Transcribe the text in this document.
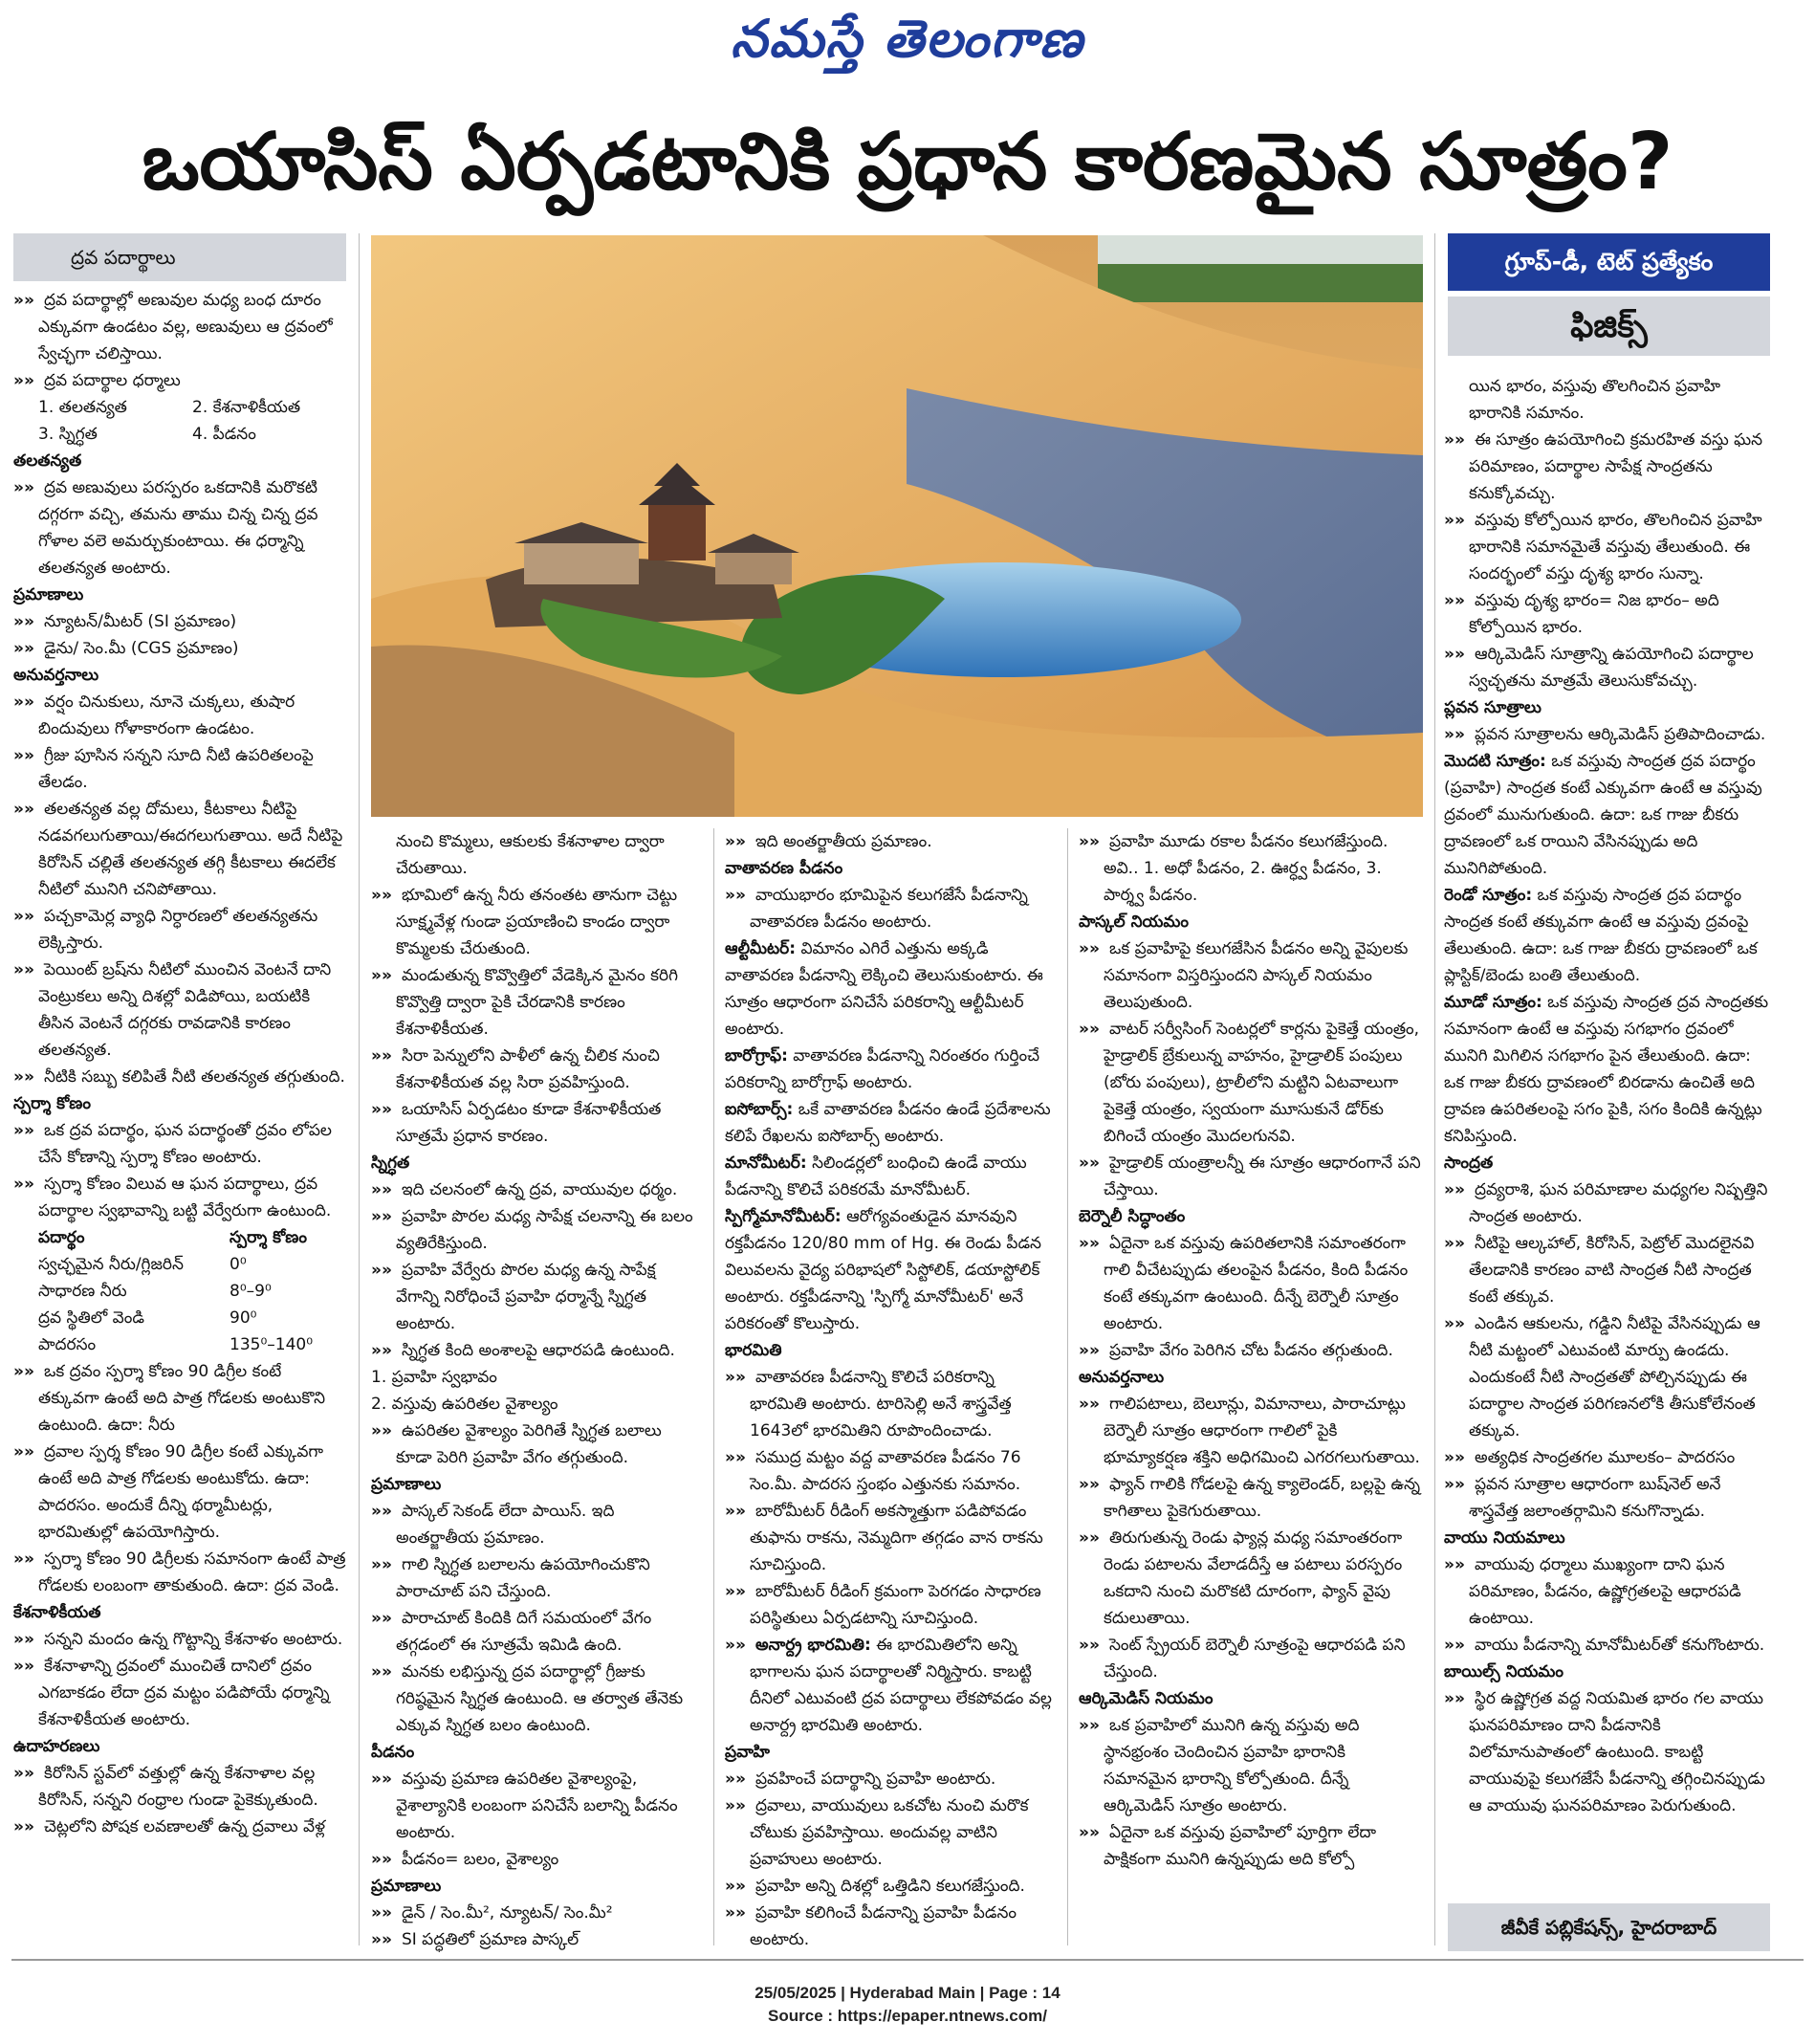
నమస్తే తెలంగాణ
ఒయాసిస్ ఏర్పడటానికి ప్రధాన కారణమైన సూత్రం?
ద్రవ పదార్థాలు

»» ద్రవ పదార్థాల్లో అణువుల మధ్య బంధ దూరం ఎక్కువగా ఉండటం వల్ల, అణువులు ఆ ద్రవంలో స్వేచ్ఛగా చలిస్తాయి.

»» ద్రవ పదార్థాల ధర్మాలు

1. తలతన్యత	2. కేశనాళికీయత
3. స్నిగ్ధత	4. పీడనం

తలతన్యత

»» ద్రవ అణువులు పరస్పరం ఒకదానికి మరొకటి దగ్గరగా వచ్చి, తమను తాము చిన్న చిన్న ద్రవ గోళాల వలె అమర్చుకుంటాయి. ఈ ధర్మాన్ని తలతన్యత అంటారు.

ప్రమాణాలు

»» న్యూటన్/మీటర్ (SI ప్రమాణం)

»» డైను/ సెం.మీ (CGS ప్రమాణం)

అనువర్తనాలు

»» వర్షం చినుకులు, నూనె చుక్కలు, తుషార బిందువులు గోళాకారంగా ఉండటం.

»» గ్రీజు పూసిన సన్నని సూది నీటి ఉపరితలంపై తేలడం.

»» తలతన్యత వల్ల దోమలు, కీటకాలు నీటిపై నడవగలుగుతాయి/ఈదగలుగుతాయి. అదే నీటిపై కిరోసిన్ చల్లితే తలతన్యత తగ్గి కీటకాలు ఈదలేక నీటిలో మునిగి చనిపోతాయి.

»» పచ్చకామెర్ల వ్యాధి నిర్ధారణలో తలతన్యతను లెక్కిస్తారు.

»» పెయింట్ బ్రష్‌ను నీటిలో ముంచిన వెంటనే దాని వెంట్రుకలు అన్ని దిశల్లో విడిపోయి, బయటికి తీసిన వెంటనే దగ్గరకు రావడానికి కారణం తలతన్యత.

»» నీటికి సబ్బు కలిపితే నీటి తలతన్యత తగ్గుతుంది.

స్పర్శా కోణం

»» ఒక ద్రవ పదార్థం, ఘన పదార్థంతో ద్రవం లోపల చేసే కోణాన్ని స్పర్శా కోణం అంటారు.

»» స్పర్శా కోణం విలువ ఆ ఘన పదార్థాలు, ద్రవ పదార్థాల స్వభావాన్ని బట్టి వేర్వేరుగా ఉంటుంది.

పదార్థం	స్పర్శా కోణం
స్వచ్ఛమైన నీరు/గ్లిజరిన్	0⁰
సాధారణ నీరు	8⁰–9⁰
ద్రవ స్థితిలో వెండి	90⁰
పాదరసం	135⁰–140⁰

»» ఒక ద్రవం స్పర్శా కోణం 90 డిగ్రీల కంటే తక్కువగా ఉంటే అది పాత్ర గోడలకు అంటుకొని ఉంటుంది. ఉదా: నీరు

»» ద్రవాల స్పర్శ కోణం 90 డిగ్రీల కంటే ఎక్కువగా ఉంటే అది పాత్ర గోడలకు అంటుకోదు. ఉదా: పాదరసం. అందుకే దీన్ని థర్మామీటర్లు, భారమితుల్లో ఉపయోగిస్తారు.

»» స్పర్శా కోణం 90 డిగ్రీలకు సమానంగా ఉంటే పాత్ర గోడలకు లంబంగా తాకుతుంది. ఉదా: ద్రవ వెండి.

కేశనాళికీయత

»» సన్నని మందం ఉన్న గొట్టాన్ని కేశనాళం అంటారు.

»» కేశనాళాన్ని ద్రవంలో ముంచితే దానిలో ద్రవం ఎగబాకడం లేదా ద్రవ మట్టం పడిపోయే ధర్మాన్ని కేశనాళికీయత అంటారు.

ఉదాహరణలు

»» కిరోసిన్ స్టవ్‌లో వత్తుల్లో ఉన్న కేశనాళాల వల్ల కిరోసిన్, సన్నని రంధ్రాల గుండా పైకెక్కుతుంది.

»» చెట్లలోని పోషక లవణాలతో ఉన్న ద్రవాలు వేళ్ల

నుంచి కొమ్మలు, ఆకులకు కేశనాళాల ద్వారా చేరుతాయి.

»» భూమిలో ఉన్న నీరు తనంతట తానుగా చెట్టు సూక్ష్మవేళ్ల గుండా ప్రయాణించి కాండం ద్వారా కొమ్మలకు చేరుతుంది.

»» మండుతున్న కొవ్వొత్తిలో వేడెక్కిన మైనం కరిగి కొవ్వొత్తి ద్వారా పైకి చేరడానికి కారణం కేశనాళికీయత.

»» సిరా పెన్నులోని పాళీలో ఉన్న చీలిక నుంచి కేశనాళికీయత వల్ల సిరా ప్రవహిస్తుంది.

»» ఒయాసిస్ ఏర్పడటం కూడా కేశనాళికీయత సూత్రమే ప్రధాన కారణం.

స్నిగ్ధత

»» ఇది చలనంలో ఉన్న ద్రవ, వాయువుల ధర్మం.

»» ప్రవాహి పొరల మధ్య సాపేక్ష చలనాన్ని ఈ బలం వ్యతిరేకిస్తుంది.

»» ప్రవాహి వేర్వేరు పొరల మధ్య ఉన్న సాపేక్ష వేగాన్ని నిరోధించే ప్రవాహి ధర్మాన్నే స్నిగ్ధత అంటారు.

»» స్నిగ్ధత కింది అంశాలపై ఆధారపడి ఉంటుంది.

1. ప్రవాహి స్వభావం

2. వస్తువు ఉపరితల వైశాల్యం

»» ఉపరితల వైశాల్యం పెరిగితే స్నిగ్ధత బలాలు కూడా పెరిగి ప్రవాహి వేగం తగ్గుతుంది.

ప్రమాణాలు

»» పాస్కల్ సెకండ్ లేదా పాయిస్. ఇది అంతర్జాతీయ ప్రమాణం.

»» గాలి స్నిగ్ధత బలాలను ఉపయోగించుకొని పారాచూట్ పని చేస్తుంది.

»» పారాచూట్ కిందికి దిగే సమయంలో వేగం తగ్గడంలో ఈ సూత్రమే ఇమిడి ఉంది.

»» మనకు లభిస్తున్న ద్రవ పదార్థాల్లో గ్రీజుకు గరిష్ఠమైన స్నిగ్ధత ఉంటుంది. ఆ తర్వాత తేనెకు ఎక్కువ స్నిగ్ధత బలం ఉంటుంది.

పీడనం

»» వస్తువు ప్రమాణ ఉపరితల వైశాల్యంపై, వైశాల్యానికి లంబంగా పనిచేసే బలాన్ని పీడనం అంటారు.

»» పీడనం= బలం, వైశాల్యం

ప్రమాణాలు

»» డైన్ / సెం.మీ², న్యూటన్/ సెం.మీ²

»» SI పద్ధతిలో ప్రమాణ పాస్కల్

»» ఇది అంతర్జాతీయ ప్రమాణం.

వాతావరణ పీడనం

»» వాయుభారం భూమిపైన కలుగజేసే పీడనాన్ని వాతావరణ పీడనం అంటారు.

ఆల్టీమీటర్: విమానం ఎగిరే ఎత్తును అక్కడి వాతావరణ పీడనాన్ని లెక్కించి తెలుసుకుంటారు. ఈ సూత్రం ఆధారంగా పనిచేసే పరికరాన్ని ఆల్టీమీటర్ అంటారు.

బారోగ్రాఫ్: వాతావరణ పీడనాన్ని నిరంతరం గుర్తించే పరికరాన్ని బారోగ్రాఫ్ అంటారు.

ఐసోబార్స్: ఒకే వాతావరణ పీడనం ఉండే ప్రదేశాలను కలిపే రేఖలను ఐసోబార్స్ అంటారు.

మానోమీటర్: సిలిండర్లలో బంధించి ఉండే వాయు పీడనాన్ని కొలిచే పరికరమే మానోమీటర్.

స్పిగ్మోమానోమీటర్: ఆరోగ్యవంతుడైన మానవుని రక్తపీడనం 120/80 mm of Hg. ఈ రెండు పీడన విలువలను వైద్య పరిభాషలో సిస్టోలిక్, డయాస్టోలిక్ అంటారు. రక్తపీడనాన్ని 'స్పిగ్మో మానోమీటర్' అనే పరికరంతో కొలుస్తారు.

భారమితి

»» వాతావరణ పీడనాన్ని కొలిచే పరికరాన్ని భారమితి అంటారు. టారిసెల్లి అనే శాస్త్రవేత్త 1643లో భారమితిని రూపొందించాడు.

»» సముద్ర మట్టం వద్ద వాతావరణ పీడనం 76 సెం.మీ. పాదరస స్తంభం ఎత్తునకు సమానం.

»» బారోమీటర్ రీడింగ్ అకస్మాత్తుగా పడిపోవడం తుఫాను రాకను, నెమ్మదిగా తగ్గడం వాన రాకను సూచిస్తుంది.

»» బారోమీటర్ రీడింగ్ క్రమంగా పెరగడం సాధారణ పరిస్థితులు ఏర్పడటాన్ని సూచిస్తుంది.

»» అనార్ద్ర భారమితి: ఈ భారమితిలోని అన్ని భాగాలను ఘన పదార్థాలతో నిర్మిస్తారు. కాబట్టి దీనిలో ఎటువంటి ద్రవ పదార్థాలు లేకపోవడం వల్ల అనార్ద్ర భారమితి అంటారు.

ప్రవాహి

»» ప్రవహించే పదార్థాన్ని ప్రవాహి అంటారు.

»» ద్రవాలు, వాయువులు ఒకచోట నుంచి మరొక చోటుకు ప్రవహిస్తాయి. అందువల్ల వాటిని ప్రవాహులు అంటారు.

»» ప్రవాహి అన్ని దిశల్లో ఒత్తిడిని కలుగజేస్తుంది.

»» ప్రవాహి కలిగించే పీడనాన్ని ప్రవాహి పీడనం అంటారు.

»» ప్రవాహి మూడు రకాల పీడనం కలుగజేస్తుంది. అవి.. 1. అధో పీడనం, 2. ఊర్ధ్వ పీడనం, 3. పార్శ్వ పీడనం.

పాస్కల్ నియమం

»» ఒక ప్రవాహిపై కలుగజేసిన పీడనం అన్ని వైపులకు సమానంగా విస్తరిస్తుందని పాస్కల్ నియమం తెలుపుతుంది.

»» వాటర్ సర్వీసింగ్ సెంటర్లలో కార్లను పైకెత్తే యంత్రం, హైడ్రాలిక్ బ్రేకులున్న వాహనం, హైడ్రాలిక్ పంపులు (బోరు పంపులు), ట్రాలీలోని మట్టిని ఏటవాలుగా పైకెత్తే యంత్రం, స్వయంగా మూసుకునే డోర్‌కు బిగించే యంత్రం మొదలగునవి.

»» హైడ్రాలిక్ యంత్రాలన్నీ ఈ సూత్రం ఆధారంగానే పని చేస్తాయి.

బెర్నౌలీ సిద్ధాంతం

»» ఏదైనా ఒక వస్తువు ఉపరితలానికి సమాంతరంగా గాలి వీచేటప్పుడు తలంపైన పీడనం, కింది పీడనం కంటే తక్కువగా ఉంటుంది. దీన్నే బెర్నౌలీ సూత్రం అంటారు.

»» ప్రవాహి వేగం పెరిగిన చోట పీడనం తగ్గుతుంది.

అనువర్తనాలు

»» గాలిపటాలు, బెలూన్లు, విమానాలు, పారాచూట్లు బెర్నౌలీ సూత్రం ఆధారంగా గాలిలో పైకి భూమ్యాకర్షణ శక్తిని అధిగమించి ఎగరగలుగుతాయి.

»» ఫ్యాన్ గాలికి గోడలపై ఉన్న క్యాలెండర్, బల్లపై ఉన్న కాగితాలు పైకెగురుతాయి.

»» తిరుగుతున్న రెండు ఫ్యాన్ల మధ్య సమాంతరంగా రెండు పటాలను వేలాడదీస్తే ఆ పటాలు పరస్పరం ఒకదాని నుంచి మరొకటి దూరంగా, ఫ్యాన్ వైపు కదులుతాయి.

»» సెంట్ స్ప్రేయర్ బెర్నౌలీ సూత్రంపై ఆధారపడి పని చేస్తుంది.

ఆర్కిమెడిస్ నియమం

»» ఒక ప్రవాహిలో మునిగి ఉన్న వస్తువు అది స్థానభ్రంశం చెందించిన ప్రవాహి భారానికి సమానమైన భారాన్ని కోల్పోతుంది. దీన్నే ఆర్కిమెడిస్ సూత్రం అంటారు.

»» ఏదైనా ఒక వస్తువు ప్రవాహిలో పూర్తిగా లేదా పాక్షికంగా మునిగి ఉన్నప్పుడు అది కోల్పో

గ్రూప్-డీ, టెట్ ప్రత్యేకం
ఫిజిక్స్

యిన భారం, వస్తువు తొలగించిన ప్రవాహి భారానికి సమానం.

»» ఈ సూత్రం ఉపయోగించి క్రమరహిత వస్తు ఘన పరిమాణం, పదార్థాల సాపేక్ష సాంద్రతను కనుక్కోవచ్చు.

»» వస్తువు కోల్పోయిన భారం, తొలగించిన ప్రవాహి భారానికి సమానమైతే వస్తువు తేలుతుంది. ఈ సందర్భంలో వస్తు దృశ్య భారం సున్నా.

»» వస్తువు దృశ్య భారం= నిజ భారం– అది కోల్పోయిన భారం.

»» ఆర్కిమెడిస్ సూత్రాన్ని ఉపయోగించి పదార్థాల స్వచ్ఛతను మాత్రమే తెలుసుకోవచ్చు.

ప్లవన సూత్రాలు

»» ప్లవన సూత్రాలను ఆర్కిమెడిస్ ప్రతిపాదించాడు.

మొదటి సూత్రం: ఒక వస్తువు సాంద్రత ద్రవ పదార్థం (ప్రవాహి) సాంద్రత కంటే ఎక్కువగా ఉంటే ఆ వస్తువు ద్రవంలో మునుగుతుంది. ఉదా: ఒక గాజు బీకరు ద్రావణంలో ఒక రాయిని వేసినప్పుడు అది మునిగిపోతుంది.

రెండో సూత్రం: ఒక వస్తువు సాంద్రత ద్రవ పదార్థం సాంద్రత కంటే తక్కువగా ఉంటే ఆ వస్తువు ద్రవంపై తేలుతుంది. ఉదా: ఒక గాజు బీకరు ద్రావణంలో ఒక ప్లాస్టిక్/బెండు బంతి తేలుతుంది.

మూడో సూత్రం: ఒక వస్తువు సాంద్రత ద్రవ సాంద్రతకు సమానంగా ఉంటే ఆ వస్తువు సగభాగం ద్రవంలో మునిగి మిగిలిన సగభాగం పైన తేలుతుంది. ఉదా: ఒక గాజు బీకరు ద్రావణంలో బిరడాను ఉంచితే అది ద్రావణ ఉపరితలంపై సగం పైకి, సగం కిందికి ఉన్నట్లు కనిపిస్తుంది.

సాంద్రత

»» ద్రవ్యరాశి, ఘన పరిమాణాల మధ్యగల నిష్పత్తిని సాంద్రత అంటారు.

»» నీటిపై ఆల్కహాల్, కిరోసిన్, పెట్రోల్ మొదలైనవి తేలడానికి కారణం వాటి సాంద్రత నీటి సాంద్రత కంటే తక్కువ.

»» ఎండిన ఆకులను, గడ్డిని నీటిపై వేసినప్పుడు ఆ నీటి మట్టంలో ఎటువంటి మార్పు ఉండదు. ఎందుకంటే నీటి సాంద్రతతో పోల్చినప్పుడు ఈ పదార్థాల సాంద్రత పరిగణనలోకి తీసుకోలేనంత తక్కువ.

»» అత్యధిక సాంద్రతగల మూలకం– పాదరసం

»» ప్లవన సూత్రాల ఆధారంగా బుష్‌నెల్ అనే శాస్త్రవేత్త జలాంతర్గామిని కనుగొన్నాడు.

వాయు నియమాలు

»» వాయువు ధర్మాలు ముఖ్యంగా దాని ఘన పరిమాణం, పీడనం, ఉష్ణోగ్రతలపై ఆధారపడి ఉంటాయి.

»» వాయు పీడనాన్ని మానోమీటర్‌తో కనుగొంటారు.

బాయిల్స్ నియమం

»» స్థిర ఉష్ణోగ్రత వద్ద నియమిత భారం గల వాయు ఘనపరిమాణం దాని పీడనానికి విలోమానుపాతంలో ఉంటుంది. కాబట్టి వాయువుపై కలుగజేసే పీడనాన్ని తగ్గించినప్పుడు ఆ వాయువు ఘనపరిమాణం పెరుగుతుంది.

జీవీకే పబ్లికేషన్స్, హైదరాబాద్
25/05/2025 | Hyderabad Main | Page : 14
Source : https://epaper.ntnews.com/
